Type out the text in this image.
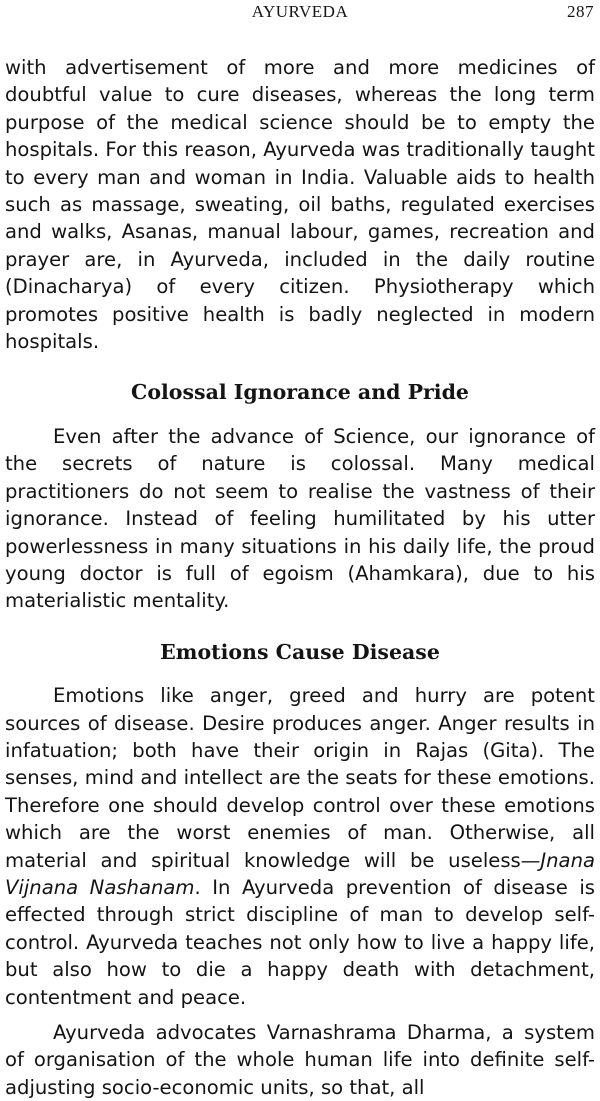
AYURVEDA	287

with advertisement of more and more medicines of doubtful value to cure diseases, whereas the long term purpose of the medical science should be to empty the hospitals. For this reason, Ayurveda was traditionally taught to every man and woman in India. Valuable aids to health such as massage, sweating, oil baths, regulated exercises and walks, Asanas, manual labour, games, recreation and prayer are, in Ayurveda, included in the daily routine (Dinacharya) of every citizen. Physiotherapy which promotes positive health is badly neglected in modern hospitals.

Colossal Ignorance and Pride

Even after the advance of Science, our ignorance of the secrets of nature is colossal. Many medical practitioners do not seem to realise the vastness of their ignorance. Instead of feeling humilitated by his utter powerlessness in many situations in his daily life, the proud young doctor is full of egoism (Ahamkara), due to his materialistic mentality.

Emotions Cause Disease

Emotions like anger, greed and hurry are potent sources of disease. Desire produces anger. Anger results in infatuation; both have their origin in Rajas (Gita). The senses, mind and intellect are the seats for these emotions. Therefore one should develop control over these emotions which are the worst enemies of man. Otherwise, all material and spiritual knowledge will be useless—Jnana Vijnana Nashanam. In Ayurveda prevention of disease is effected through strict discipline of man to develop self-control. Ayurveda teaches not only how to live a happy life, but also how to die a happy death with detachment, contentment and peace.

Ayurveda advocates Varnashrama Dharma, a system of organisation of the whole human life into definite self- adjusting socio-economic units, so that, all
